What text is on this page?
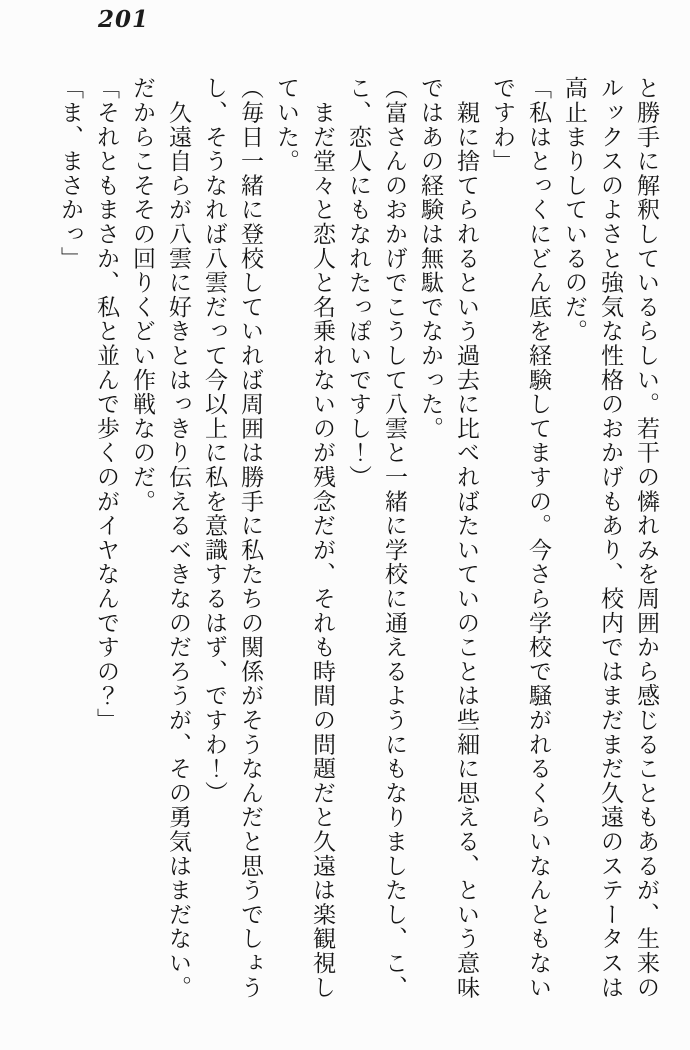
201

と勝手に解釈しているらしい。若干の憐れみを周囲から感じることもあるが、生来のルックスのよさと強気な性格のおかげもあり、校内ではまだまだ久遠のステータスは高止まりしているのだ。

「私はとっくにどん底を経験してますの。今さら学校で騒がれるくらいなんともないですわ」

　親に捨てられるという過去に比べればたいていのことは些細に思える、という意味ではあの経験は無駄でなかった。

（富さんのおかげでこうして八雲と一緒に学校に通えるようにもなりましたし、こ、こ、恋人にもなれたっぽいですし！）

　まだ堂々と恋人と名乗れないのが残念だが、それも時間の問題だと久遠は楽観視していた。

（毎日一緒に登校していれば周囲は勝手に私たちの関係がそうなんだと思うでしょうし、そうなれば八雲だって今以上に私を意識するはず、ですわ！）

　久遠自らが八雲に好きとはっきり伝えるべきなのだろうが、その勇気はまだない。だからこそその回りくどい作戦なのだ。

「それともまさか、私と並んで歩くのがイヤなんですの？」

「ま、まさかっ」
